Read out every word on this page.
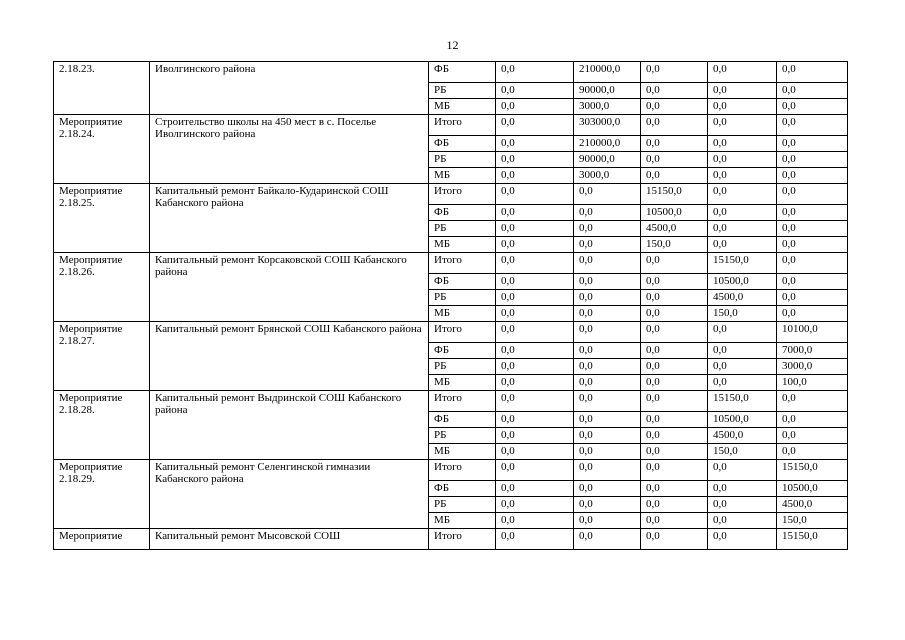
12
2.18.23.	Иволгинского района	ФБ	0,0	210000,0	0,0	0,0	0,0
		РБ	0,0	90000,0	0,0	0,0	0,0
		МБ	0,0	3000,0	0,0	0,0	0,0
Мероприятие 2.18.24.	Строительство школы на 450 мест в с. Поселье Иволгинского района	Итого	0,0	303000,0	0,0	0,0	0,0
		ФБ	0,0	210000,0	0,0	0,0	0,0
		РБ	0,0	90000,0	0,0	0,0	0,0
		МБ	0,0	3000,0	0,0	0,0	0,0
Мероприятие 2.18.25.	Капитальный ремонт Байкало-Кударинской СОШ Кабанского района	Итого	0,0	0,0	15150,0	0,0	0,0
		ФБ	0,0	0,0	10500,0	0,0	0,0
		РБ	0,0	0,0	4500,0	0,0	0,0
		МБ	0,0	0,0	150,0	0,0	0,0
Мероприятие 2.18.26.	Капитальный ремонт Корсаковской СОШ Кабанского района	Итого	0,0	0,0	0,0	15150,0	0,0
		ФБ	0,0	0,0	0,0	10500,0	0,0
		РБ	0,0	0,0	0,0	4500,0	0,0
		МБ	0,0	0,0	0,0	150,0	0,0
Мероприятие 2.18.27.	Капитальный ремонт Брянской СОШ Кабанского района	Итого	0,0	0,0	0,0	0,0	10100,0
		ФБ	0,0	0,0	0,0	0,0	7000,0
		РБ	0,0	0,0	0,0	0,0	3000,0
		МБ	0,0	0,0	0,0	0,0	100,0
Мероприятие 2.18.28.	Капитальный ремонт Выдринской СОШ Кабанского района	Итого	0,0	0,0	0,0	15150,0	0,0
		ФБ	0,0	0,0	0,0	10500,0	0,0
		РБ	0,0	0,0	0,0	4500,0	0,0
		МБ	0,0	0,0	0,0	150,0	0,0
Мероприятие 2.18.29.	Капитальный ремонт Селенгинской гимназии Кабанского района	Итого	0,0	0,0	0,0	0,0	15150,0
		ФБ	0,0	0,0	0,0	0,0	10500,0
		РБ	0,0	0,0	0,0	0,0	4500,0
		МБ	0,0	0,0	0,0	0,0	150,0
Мероприятие	Капитальный ремонт Мысовской СОШ	Итого	0,0	0,0	0,0	0,0	15150,0
